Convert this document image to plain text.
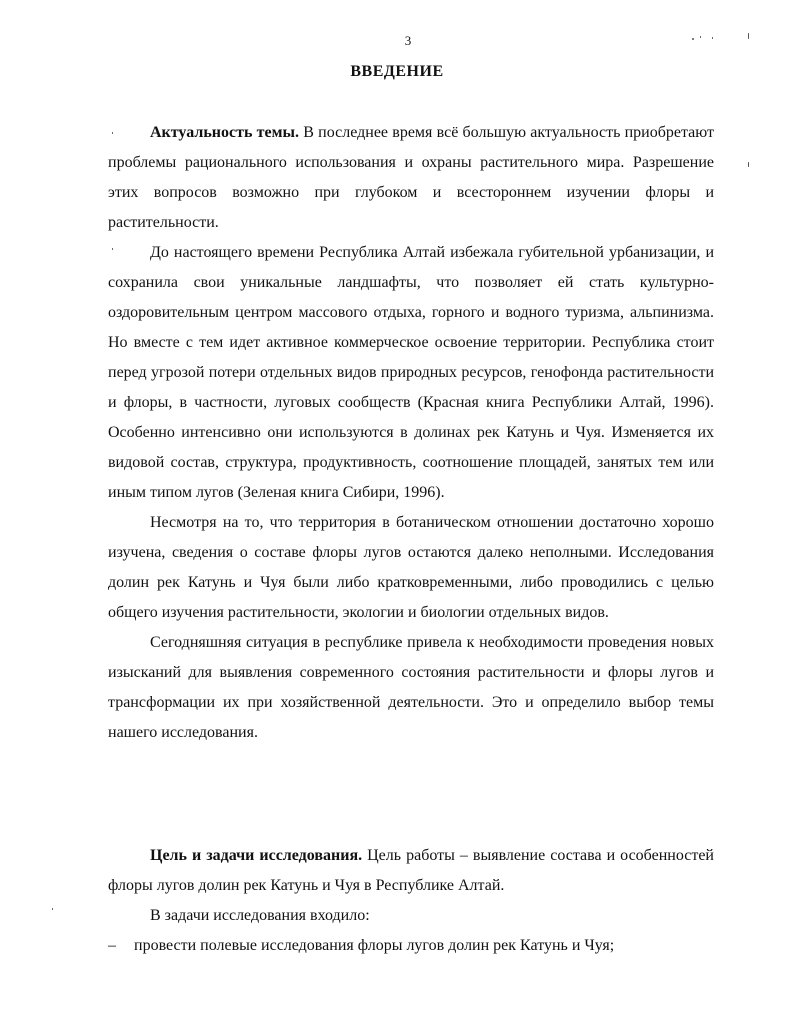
3
ВВЕДЕНИЕ

Актуальность темы. В последнее время всё большую актуальность приобретают проблемы рационального использования и охраны растительного мира. Разрешение этих вопросов возможно при глубоком и всестороннем изучении флоры и растительности.

До настоящего времени Республика Алтай избежала губительной урбанизации, и сохранила свои уникальные ландшафты, что позволяет ей стать культурно-оздоровительным центром массового отдыха, горного и водного туризма, альпинизма. Но вместе с тем идет активное коммерческое освоение территории. Республика стоит перед угрозой потери отдельных видов природных ресурсов, генофонда растительности и флоры, в частности, луговых сообществ (Красная книга Республики Алтай, 1996). Особенно интенсивно они используются в долинах рек Катунь и Чуя. Изменяется их видовой состав, структура, продуктивность, соотношение площадей, занятых тем или иным типом лугов (Зеленая книга Сибири, 1996).

Несмотря на то, что территория в ботаническом отношении достаточно хорошо изучена, сведения о составе флоры лугов остаются далеко неполными. Исследования долин рек Катунь и Чуя были либо кратковременными, либо проводились с целью общего изучения растительности, экологии и биологии отдельных видов.

Сегодняшняя ситуация в республике привела к необходимости проведения новых изысканий для выявления современного состояния растительности и флоры лугов и трансформации их при хозяйственной деятельности. Это и определило выбор темы нашего исследования.

Цель и задачи исследования. Цель работы – выявление состава и особенностей флоры лугов долин рек Катунь и Чуя в Республике Алтай.

В задачи исследования входило:

– провести полевые исследования флоры лугов долин рек Катунь и Чуя;
